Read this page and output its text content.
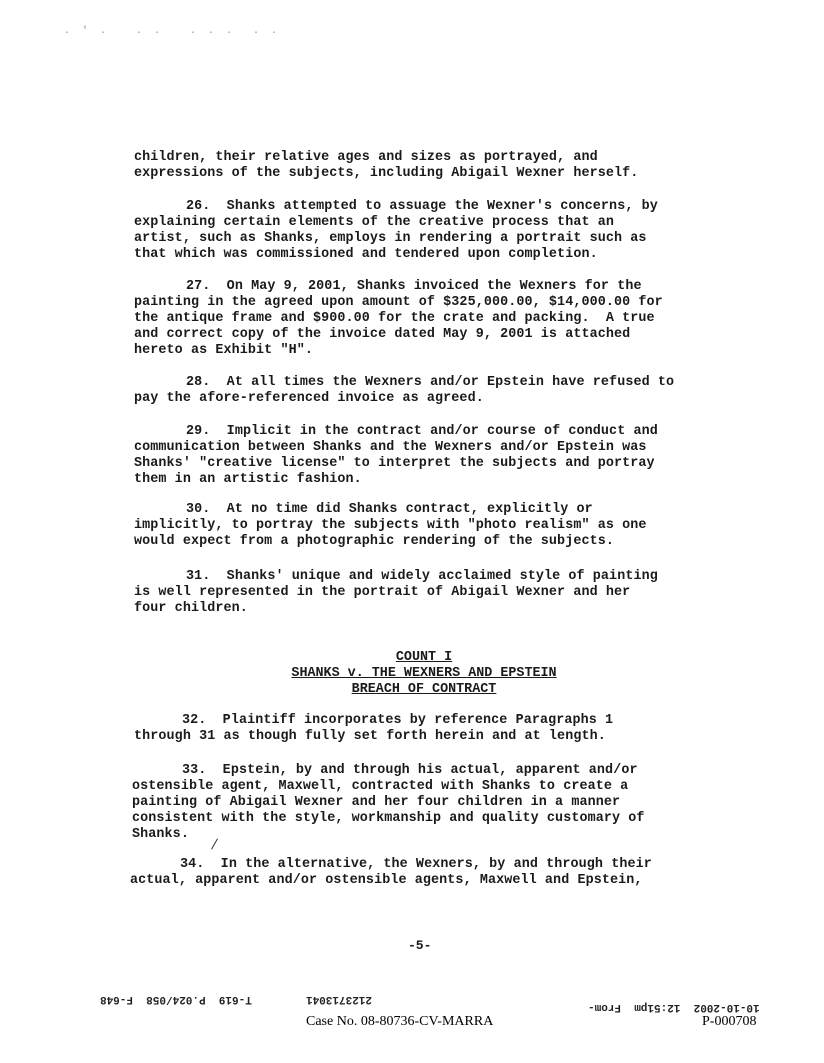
. ' .   . .   . . .  . .
children, their relative ages and sizes as portrayed, and
expressions of the subjects, including Abigail Wexner herself.
26.  Shanks attempted to assuage the Wexner's concerns, by
explaining certain elements of the creative process that an
artist, such as Shanks, employs in rendering a portrait such as
that which was commissioned and tendered upon completion.
27.  On May 9, 2001, Shanks invoiced the Wexners for the
painting in the agreed upon amount of $325,000.00, $14,000.00 for
the antique frame and $900.00 for the crate and packing.  A true
and correct copy of the invoice dated May 9, 2001 is attached
hereto as Exhibit "H".
28.  At all times the Wexners and/or Epstein have refused to
pay the afore-referenced invoice as agreed.
29.  Implicit in the contract and/or course of conduct and
communication between Shanks and the Wexners and/or Epstein was
Shanks' "creative license" to interpret the subjects and portray
them in an artistic fashion.
30.  At no time did Shanks contract, explicitly or
implicitly, to portray the subjects with "photo realism" as one
would expect from a photographic rendering of the subjects.
31.  Shanks' unique and widely acclaimed style of painting
is well represented in the portrait of Abigail Wexner and her
four children.
COUNT I
SHANKS v. THE WEXNERS AND EPSTEIN
BREACH OF CONTRACT
32.  Plaintiff incorporates by reference Paragraphs 1
through 31 as though fully set forth herein and at length.
33.  Epstein, by and through his actual, apparent and/or
ostensible agent, Maxwell, contracted with Shanks to create a
painting of Abigail Wexner and her four children in a manner
consistent with the style, workmanship and quality customary of
Shanks.
34.  In the alternative, the Wexners, by and through their
actual, apparent and/or ostensible agents, Maxwell and Epstein,
-5-
T-619  P.024/058  F-648	2123713041
10-10-2002  12:51pm  From-
Case No. 08-80736-CV-MARRA	P-000708
